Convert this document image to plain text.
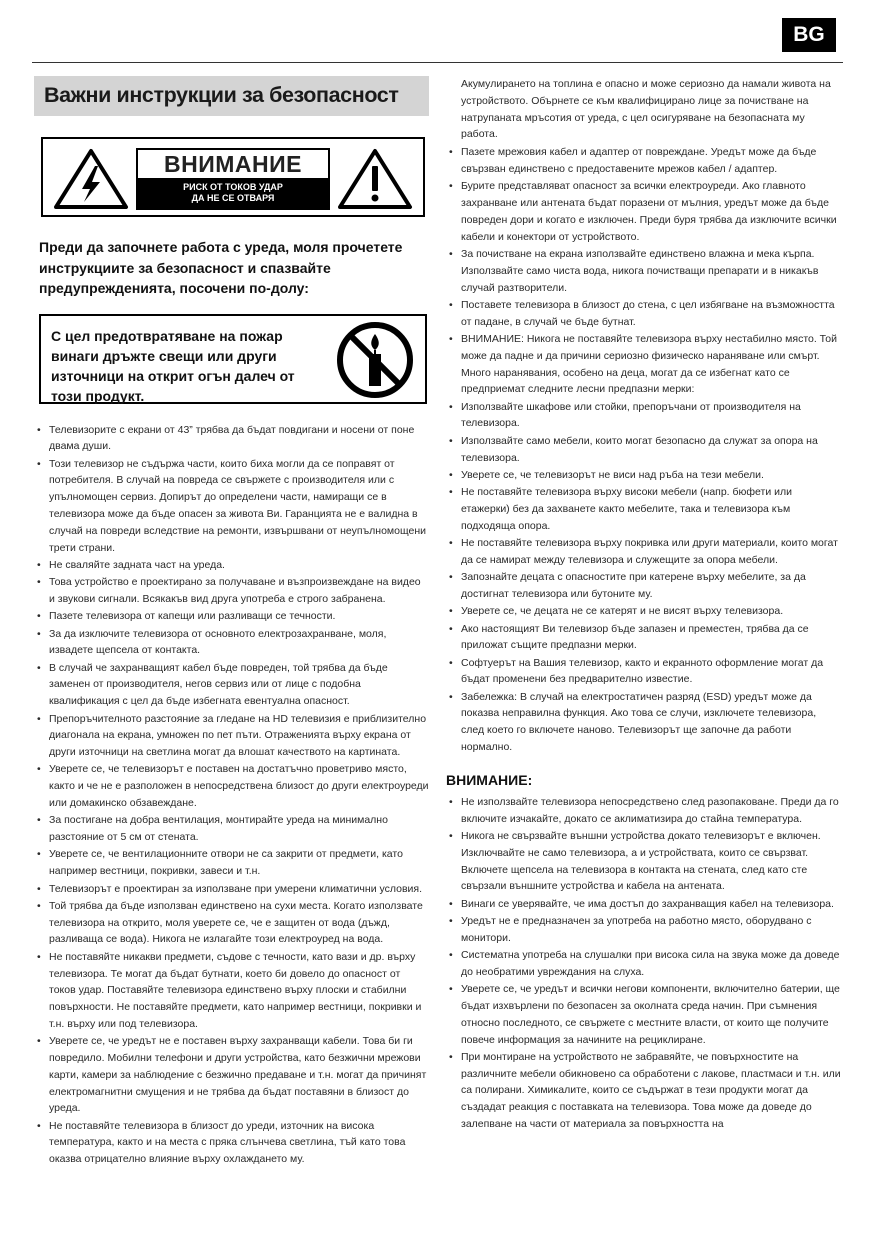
BG
Важни инструкции за безопасност
ВНИМАНИЕ
РИСК ОТ ТОКОВ УДАР
ДА НЕ СЕ ОТВАРЯ
Преди да започнете работа с уреда, моля прочетете инструкциите за безопасност и спазвайте предупрежденията, посочени по-долу:
С цел предотвратяване на пожар винаги дръжте свещи или други източници на открит огън далеч от този продукт.
• Телевизорите с екрани от 43” трябва да бъдат повдигани и носени от поне двама души.
• Този телевизор не съдържа части, които биха могли да се поправят от потребителя. В случай на повреда се свържете с производителя или с упълномощен сервиз. Допирът до определени части, намиращи се в телевизора може да бъде опасен за живота Ви. Гаранцията не е валидна в случай на повреди вследствие на ремонти, извършвани от неупълномощени трети страни.
• Не сваляйте задната част на уреда.
• Това устройство е проектирано за получаване и възпроизвеждане на видео и звукови сигнали. Всякакъв вид друга употреба е строго забранена.
• Пазете телевизора от капещи или разливащи се течности.
• За да изключите телевизора от основното електрозахранване, моля, извадете щепсела от контакта.
• В случай че захранващият кабел бъде повреден, той трябва да бъде заменен от производителя, негов сервиз или от лице с подобна квалификация с цел да бъде избегната евентуална опасност.
• Препоръчителното разстояние за гледане на HD телевизия е приблизително диагонала на екрана, умножен по пет пъти. Отраженията върху екрана от други източници на светлина могат да влошат качеството на картината.
• Уверете се, че телевизорът е поставен на достатъчно проветриво място, както и че не е разположен в непосредствена близост до други електроуреди или домакинско обзавеждане.
• За постигане на добра вентилация, монтирайте уреда на минимално разстояние от 5 см от стената.
• Уверете се, че вентилационните отвори не са закрити от предмети, като например вестници, покривки, завеси и т.н.
• Телевизорът е проектиран за използване при умерени климатични условия.
• Той трябва да бъде използван единствено на сухи места. Когато използвате телевизора на открито, моля уверете се, че е защитен от вода (дъжд, разливаща се вода). Никога не излагайте този електроуред на вода.
• Не поставяйте никакви предмети, съдове с течности, като вази и др. върху телевизора. Те могат да бъдат бутнати, което би довело до опасност от токов удар. Поставяйте телевизора единствено върху плоски и стабилни повърхности. Не поставяйте предмети, като например вестници, покривки и т.н. върху или под телевизора.
• Уверете се, че уредът не е поставен върху захранващи кабели. Това би ги повредило. Мобилни телефони и други устройства, като безжични мрежови карти, камери за наблюдение с безжично предаване и т.н. могат да причинят електромагнитни смущения и не трябва да бъдат поставяни в близост до уреда.
• Не поставяйте телевизора в близост до уреди, източник на висока температура, както и на места с пряка слънчева светлина, тъй като това оказва отрицателно влияние върху охлаждането му.

Акумулирането на топлина е опасно и може сериозно да намали живота на устройството. Обърнете се към квалифицирано лице за почистване на натрупаната мръсотия от уреда, с цел осигуряване на безопасната му работа.

• Пазете мрежовия кабел и адаптер от повреждане. Уредът може да бъде свързван единствено с предоставените мрежов кабел / адаптер.
• Бурите представляват опасност за всички електроуреди. Ако главното захранване или антената бъдат поразени от мълния, уредът може да бъде повреден дори и когато е изключен. Преди буря трябва да изключите всички кабели и конектори от устройството.
• За почистване на екрана използвайте единствено влажна и мека кърпа. Използвайте само чиста вода, никога почистващи препарати и в никакъв случай разтворители.
• Поставете телевизора в близост до стена, с цел избягване на възможността от падане, в случай че бъде бутнат.
• ВНИМАНИЕ: Никога не поставяйте телевизора върху нестабилно място. Той може да падне и да причини сериозно физическо нараняване или смърт. Много наранявания, особено на деца, могат да се избегнат като се предприемат следните лесни предпазни мерки:
• Използвайте шкафове или стойки, препоръчани от производителя на телевизора.
• Използвайте само мебели, които могат безопасно да служат за опора на телевизора.
• Уверете се, че телевизорът не виси над ръба на тези мебели.
• Не поставяйте телевизора върху високи мебели (напр. бюфети или етажерки) без да захванете както мебелите, така и телевизора към подходяща опора.
• Не поставяйте телевизора върху покривка или други материали, които могат да се намират между телевизора и служещите за опора мебели.
• Запознайте децата с опасностите при катерене върху мебелите, за да достигнат телевизора или бутоните му.
• Уверете се, че децата не се катерят и не висят върху телевизора.
• Ако настоящият Ви телевизор бъде запазен и преместен, трябва да се приложат същите предпазни мерки.
• Софтуерът на Вашия телевизор, както и екранното оформление могат да бъдат променени без предварително известие.
• Забележка: В случай на електростатичен разряд (ESD) уредът може да показва неправилна функция. Ако това се случи, изключете телевизора, след което го включете наново. Телевизорът ще започне да работи нормално.
ВНИМАНИЕ:
• Не използвайте телевизора непосредствено след разопаковане. Преди да го включите изчакайте, докато се аклиматизира до стайна температура.
• Никога не свързвайте външни устройства докато телевизорът е включен. Изключвайте не само телевизора, а и устройствата, които се свързват. Включете щепсела на телевизора в контакта на стената, след като сте свързали външните устройства и кабела на антената.
• Винаги се уверявайте, че има достъп до захранващия кабел на телевизора.
• Уредът не е предназначен за употреба на работно място, оборудвано с монитори.
• Систематна употреба на слушалки при висока сила на звука може да доведе до необратими увреждания на слуха.
• Уверете се, че уредът и всички негови компоненти, включително батерии, ще бъдат изхвърлени по безопасен за околната среда начин. При съмнения относно последното, се свържете с местните власти, от които ще получите повече информация за начините на рециклиране.
• При монтиране на устройството не забравяйте, че повърхностите на различните мебели обикновено са обработени с лакове, пластмаси и т.н. или са полирани. Химикалите, които се съдържат в тези продукти могат да създадат реакция с поставката на телевизора. Това може да доведе до залепване на части от материала за повърхността на
